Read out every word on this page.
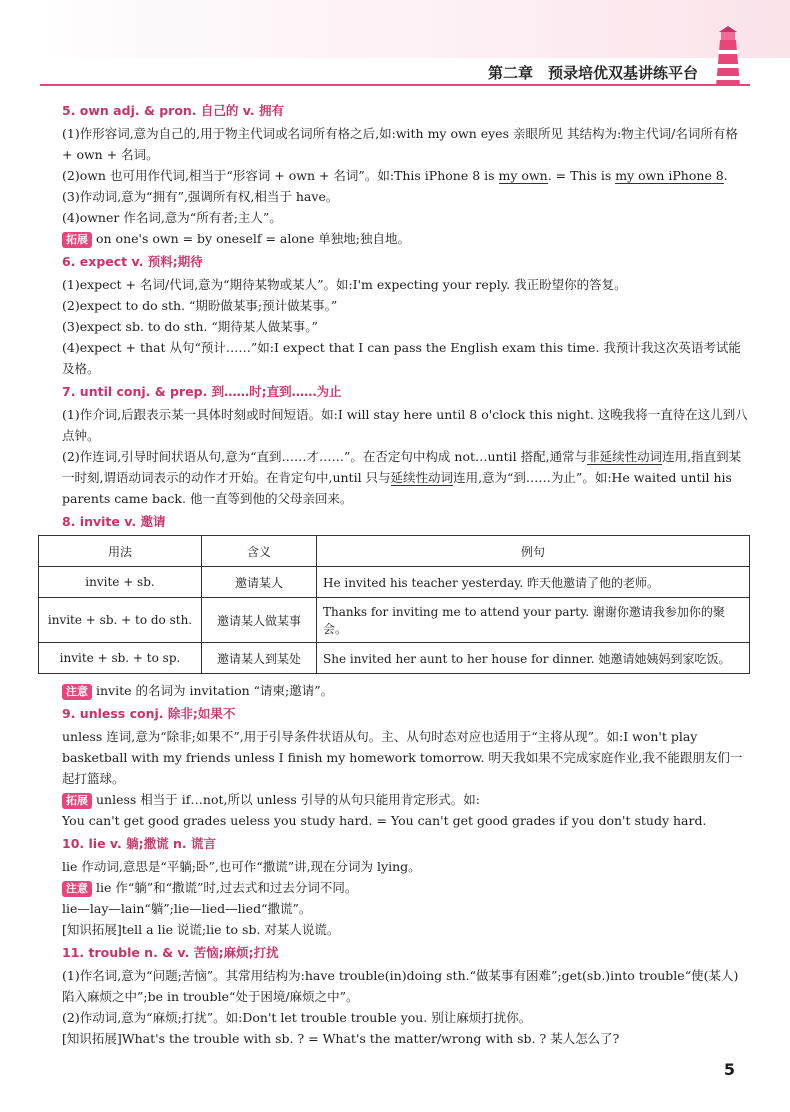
第二章　预录培优双基讲练平台
5. own adj. & pron. 自己的 v. 拥有

(1)作形容词,意为自己的,用于物主代词或名词所有格之后,如:with my own eyes 亲眼所见 其结构为:物主代词/名词所有格 + own + 名词。

(2)own 也可用作代词,相当于“形容词 + own + 名词”。如:This iPhone 8 is my own. = This is my own iPhone 8.

(3)作动词,意为“拥有”,强调所有权,相当于 have。

(4)owner 作名词,意为“所有者;主人”。

拓展 on one's own = by oneself = alone 单独地;独自地。

6. expect v. 预料;期待

(1)expect + 名词/代词,意为“期待某物或某人”。如:I'm expecting your reply. 我正盼望你的答复。

(2)expect to do sth. “期盼做某事;预计做某事。”

(3)expect sb. to do sth. “期待某人做某事。”

(4)expect + that 从句“预计……”如:I expect that I can pass the English exam this time. 我预计我这次英语考试能及格。

7. until conj. & prep. 到……时;直到……为止

(1)作介词,后跟表示某一具体时刻或时间短语。如:I will stay here until 8 o'clock this night. 这晚我将一直待在这儿到八点钟。

(2)作连词,引导时间状语从句,意为“直到……才……”。在否定句中构成 not…until 搭配,通常与非延续性动词连用,指直到某一时刻,谓语动词表示的动作才开始。在肯定句中,until 只与延续性动词连用,意为“到……为止”。如:He waited until his parents came back. 他一直等到他的父母亲回来。

8. invite v. 邀请
用法	含义	例句
invite + sb.	邀请某人	He invited his teacher yesterday. 昨天他邀请了他的老师。
invite + sb. + to do sth.	邀请某人做某事	Thanks for inviting me to attend your party. 谢谢你邀请我参加你的聚会。
invite + sb. + to sp.	邀请某人到某处	She invited her aunt to her house for dinner. 她邀请她姨妈到家吃饭。

注意 invite 的名词为 invitation “请柬;邀请”。

9. unless conj. 除非;如果不

unless 连词,意为“除非;如果不”,用于引导条件状语从句。主、从句时态对应也适用于“主将从现”。如:I won't play basketball with my friends unless I finish my homework tomorrow. 明天我如果不完成家庭作业,我不能跟朋友们一起打篮球。

拓展 unless 相当于 if…not,所以 unless 引导的从句只能用肯定形式。如:

You can't get good grades ueless you study hard. = You can't get good grades if you don't study hard.

10. lie v. 躺;撒谎 n. 谎言

lie 作动词,意思是“平躺;卧”,也可作“撒谎”讲,现在分词为 lying。

注意 lie 作“躺”和“撒谎”时,过去式和过去分词不同。

lie—lay—lain“躺”;lie—lied—lied“撒谎”。

[知识拓展]tell a lie 说谎;lie to sb. 对某人说谎。

11. trouble n. & v. 苦恼;麻烦;打扰

(1)作名词,意为“问题;苦恼”。其常用结构为:have trouble(in)doing sth.“做某事有困难”;get(sb.)into trouble“使(某人)陷入麻烦之中”;be in trouble“处于困境/麻烦之中”。

(2)作动词,意为“麻烦;打扰”。如:Don't let trouble trouble you. 别让麻烦打扰你。

[知识拓展]What's the trouble with sb. ? = What's the matter/wrong with sb. ? 某人怎么了?

5
